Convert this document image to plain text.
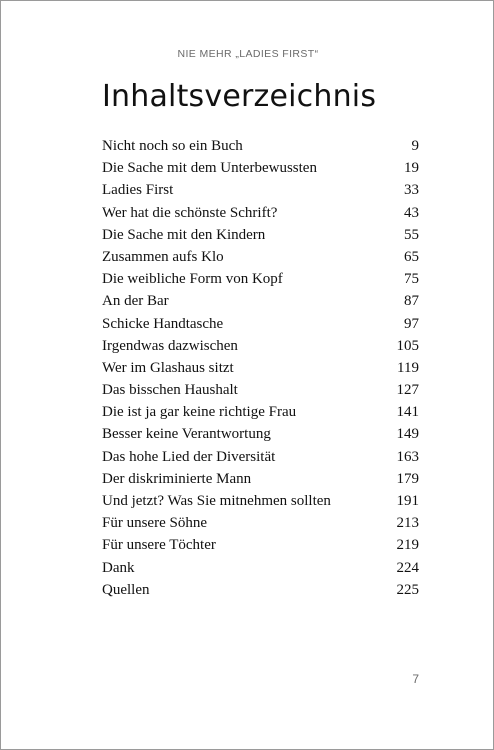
NIE MEHR „LADIES FIRST“
Inhaltsverzeichnis
Nicht noch so ein Buch	9
Die Sache mit dem Unterbewussten	19
Ladies First	33
Wer hat die schönste Schrift?	43
Die Sache mit den Kindern	55
Zusammen aufs Klo	65
Die weibliche Form von Kopf	75
An der Bar	87
Schicke Handtasche	97
Irgendwas dazwischen	105
Wer im Glashaus sitzt	119
Das bisschen Haushalt	127
Die ist ja gar keine richtige Frau	141
Besser keine Verantwortung	149
Das hohe Lied der Diversität	163
Der diskriminierte Mann	179
Und jetzt? Was Sie mitnehmen sollten	191
Für unsere Söhne	213
Für unsere Töchter	219
Dank	224
Quellen	225
7
